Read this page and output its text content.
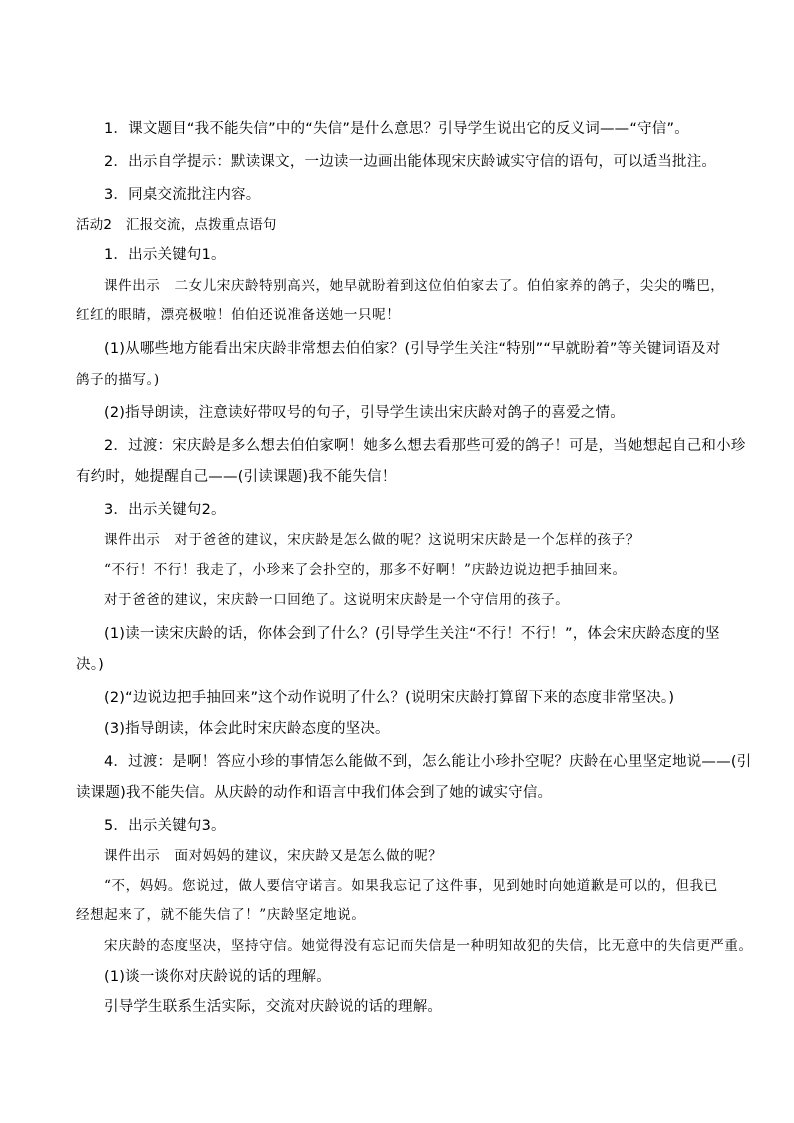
1．课文题目“我不能失信”中的“失信”是什么意思？引导学生说出它的反义词——“守信”。
2．出示自学提示：默读课文，一边读一边画出能体现宋庆龄诚实守信的语句，可以适当批注。
3．同桌交流批注内容。
活动2　汇报交流，点拨重点语句
1．出示关键句1。
课件出示　二女儿宋庆龄特别高兴，她早就盼着到这位伯伯家去了。伯伯家养的鸽子，尖尖的嘴巴，
红红的眼睛，漂亮极啦！伯伯还说准备送她一只呢！
(1)从哪些地方能看出宋庆龄非常想去伯伯家？(引导学生关注“特别”“早就盼着”等关键词语及对
鸽子的描写。)
(2)指导朗读，注意读好带叹号的句子，引导学生读出宋庆龄对鸽子的喜爱之情。
2．过渡：宋庆龄是多么想去伯伯家啊！她多么想去看那些可爱的鸽子！可是，当她想起自己和小珍
有约时，她提醒自己——(引读课题)我不能失信！
3．出示关键句2。
课件出示　对于爸爸的建议，宋庆龄是怎么做的呢？这说明宋庆龄是一个怎样的孩子？
“不行！不行！我走了，小珍来了会扑空的，那多不好啊！”庆龄边说边把手抽回来。
对于爸爸的建议，宋庆龄一口回绝了。这说明宋庆龄是一个守信用的孩子。
(1)读一读宋庆龄的话，你体会到了什么？(引导学生关注“不行！不行！”，体会宋庆龄态度的坚
决。)
(2)“边说边把手抽回来”这个动作说明了什么？(说明宋庆龄打算留下来的态度非常坚决。)
(3)指导朗读，体会此时宋庆龄态度的坚决。
4．过渡：是啊！答应小珍的事情怎么能做不到，怎么能让小珍扑空呢？庆龄在心里坚定地说——(引
读课题)我不能失信。从庆龄的动作和语言中我们体会到了她的诚实守信。
5．出示关键句3。
课件出示　面对妈妈的建议，宋庆龄又是怎么做的呢？
“不，妈妈。您说过，做人要信守诺言。如果我忘记了这件事，见到她时向她道歉是可以的，但我已
经想起来了，就不能失信了！”庆龄坚定地说。
宋庆龄的态度坚决，坚持守信。她觉得没有忘记而失信是一种明知故犯的失信，比无意中的失信更严重。
(1)谈一谈你对庆龄说的话的理解。
引导学生联系生活实际，交流对庆龄说的话的理解。
